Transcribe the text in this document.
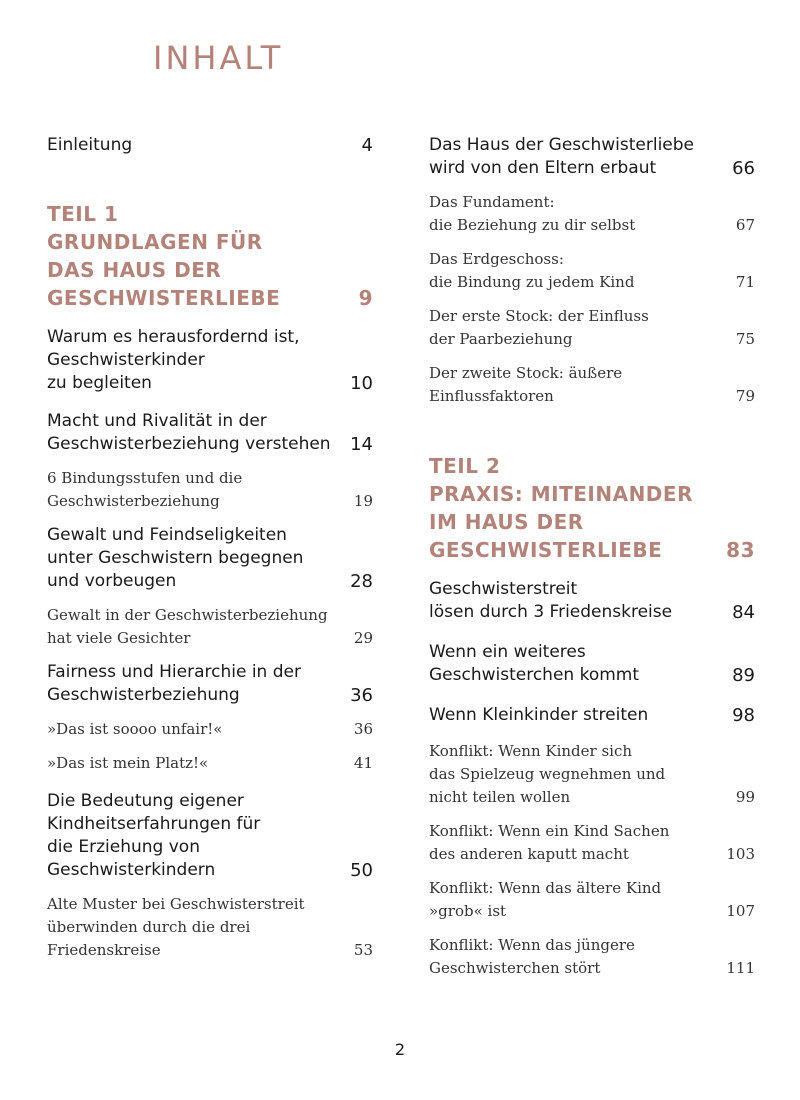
INHALT
Einleitung	4
TEIL 1
GRUNDLAGEN FÜR
DAS HAUS DER
GESCHWISTERLIEBE	9
Warum es herausfordernd ist,
Geschwisterkinder
zu begleiten	10
Macht und Rivalität in der
Geschwisterbeziehung verstehen	14
6 Bindungsstufen und die
Geschwisterbeziehung	19
Gewalt und Feindseligkeiten
unter Geschwistern begegnen
und vorbeugen	28
Gewalt in der Geschwisterbeziehung
hat viele Gesichter	29
Fairness und Hierarchie in der
Geschwisterbeziehung	36
»Das ist soooo unfair!«	36
»Das ist mein Platz!«	41
Die Bedeutung eigener
Kindheitserfahrungen für
die Erziehung von
Geschwisterkindern	50
Alte Muster bei Geschwisterstreit
überwinden durch die drei
Friedenskreise	53
Das Haus der Geschwisterliebe
wird von den Eltern erbaut	66
Das Fundament:
die Beziehung zu dir selbst	67
Das Erdgeschoss:
die Bindung zu jedem Kind	71
Der erste Stock: der Einfluss
der Paarbeziehung	75
Der zweite Stock: äußere
Einflussfaktoren	79
TEIL 2
PRAXIS: MITEINANDER
IM HAUS DER
GESCHWISTERLIEBE	83
Geschwisterstreit
lösen durch 3 Friedenskreise	84
Wenn ein weiteres
Geschwisterchen kommt	89
Wenn Kleinkinder streiten	98
Konflikt: Wenn Kinder sich
das Spielzeug wegnehmen und
nicht teilen wollen	99
Konflikt: Wenn ein Kind Sachen
des anderen kaputt macht	103
Konflikt: Wenn das ältere Kind
»grob« ist	107
Konflikt: Wenn das jüngere
Geschwisterchen stört	111
2
